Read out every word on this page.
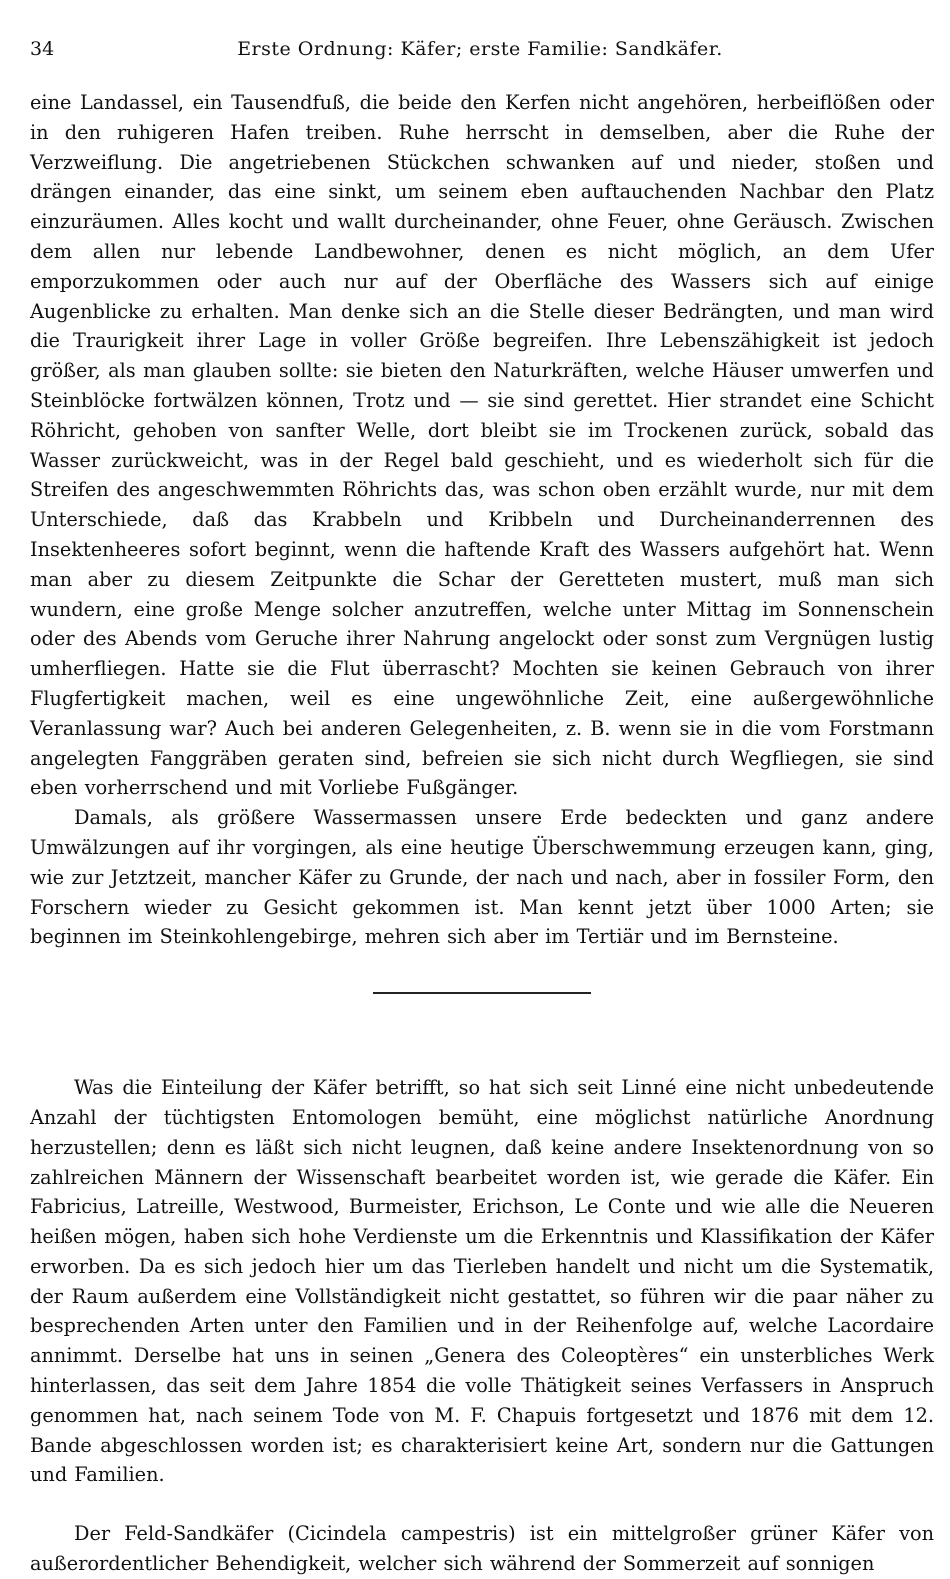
34	Erste Ordnung: Käfer; erste Familie: Sandkäfer.

eine Landassel, ein Tausendfuß, die beide den Kerfen nicht angehören, herbeiflößen oder in den ruhigeren Hafen treiben. Ruhe herrscht in demselben, aber die Ruhe der Verzweiflung. Die angetriebenen Stückchen schwanken auf und nieder, stoßen und drängen einander, das eine sinkt, um seinem eben auftauchenden Nachbar den Platz einzuräumen. Alles kocht und wallt durcheinander, ohne Feuer, ohne Geräusch. Zwischen dem allen nur lebende Landbewohner, denen es nicht möglich, an dem Ufer emporzukommen oder auch nur auf der Oberfläche des Wassers sich auf einige Augenblicke zu erhalten. Man denke sich an die Stelle dieser Bedrängten, und man wird die Traurigkeit ihrer Lage in voller Größe begreifen. Ihre Lebenszähigkeit ist jedoch größer, als man glauben sollte: sie bieten den Naturkräften, welche Häuser umwerfen und Steinblöcke fortwälzen können, Trotz und — sie sind gerettet. Hier strandet eine Schicht Röhricht, gehoben von sanfter Welle, dort bleibt sie im Trockenen zurück, sobald das Wasser zurückweicht, was in der Regel bald geschieht, und es wiederholt sich für die Streifen des angeschwemmten Röhrichts das, was schon oben erzählt wurde, nur mit dem Unterschiede, daß das Krabbeln und Kribbeln und Durcheinanderrennen des Insektenheeres sofort beginnt, wenn die haftende Kraft des Wassers aufgehört hat. Wenn man aber zu diesem Zeitpunkte die Schar der Geretteten mustert, muß man sich wundern, eine große Menge solcher anzutreffen, welche unter Mittag im Sonnenschein oder des Abends vom Geruche ihrer Nahrung angelockt oder sonst zum Vergnügen lustig umherfliegen. Hatte sie die Flut überrascht? Mochten sie keinen Gebrauch von ihrer Flugfertigkeit machen, weil es eine ungewöhnliche Zeit, eine außergewöhnliche Veranlassung war? Auch bei anderen Gelegenheiten, z. B. wenn sie in die vom Forstmann angelegten Fanggräben geraten sind, befreien sie sich nicht durch Wegfliegen, sie sind eben vorherrschend und mit Vorliebe Fußgänger.

Damals, als größere Wassermassen unsere Erde bedeckten und ganz andere Umwälzungen auf ihr vorgingen, als eine heutige Überschwemmung erzeugen kann, ging, wie zur Jetztzeit, mancher Käfer zu Grunde, der nach und nach, aber in fossiler Form, den Forschern wieder zu Gesicht gekommen ist. Man kennt jetzt über 1000 Arten; sie beginnen im Steinkohlengebirge, mehren sich aber im Tertiär und im Bernsteine.

Was die Einteilung der Käfer betrifft, so hat sich seit Linné eine nicht unbedeutende Anzahl der tüchtigsten Entomologen bemüht, eine möglichst natürliche Anordnung herzustellen; denn es läßt sich nicht leugnen, daß keine andere Insektenordnung von so zahlreichen Männern der Wissenschaft bearbeitet worden ist, wie gerade die Käfer. Ein Fabricius, Latreille, Westwood, Burmeister, Erichson, Le Conte und wie alle die Neueren heißen mögen, haben sich hohe Verdienste um die Erkenntnis und Klassifikation der Käfer erworben. Da es sich jedoch hier um das Tierleben handelt und nicht um die Systematik, der Raum außerdem eine Vollständigkeit nicht gestattet, so führen wir die paar näher zu besprechenden Arten unter den Familien und in der Reihenfolge auf, welche Lacordaire annimmt. Derselbe hat uns in seinen „Genera des Coleoptères“ ein unsterbliches Werk hinterlassen, das seit dem Jahre 1854 die volle Thätigkeit seines Verfassers in Anspruch genommen hat, nach seinem Tode von M. F. Chapuis fortgesetzt und 1876 mit dem 12. Bande abgeschlossen worden ist; es charakterisiert keine Art, sondern nur die Gattungen und Familien.

Der Feld-Sandkäfer (Cicindela campestris) ist ein mittelgroßer grüner Käfer von außerordentlicher Behendigkeit, welcher sich während der Sommerzeit auf sonnigen
